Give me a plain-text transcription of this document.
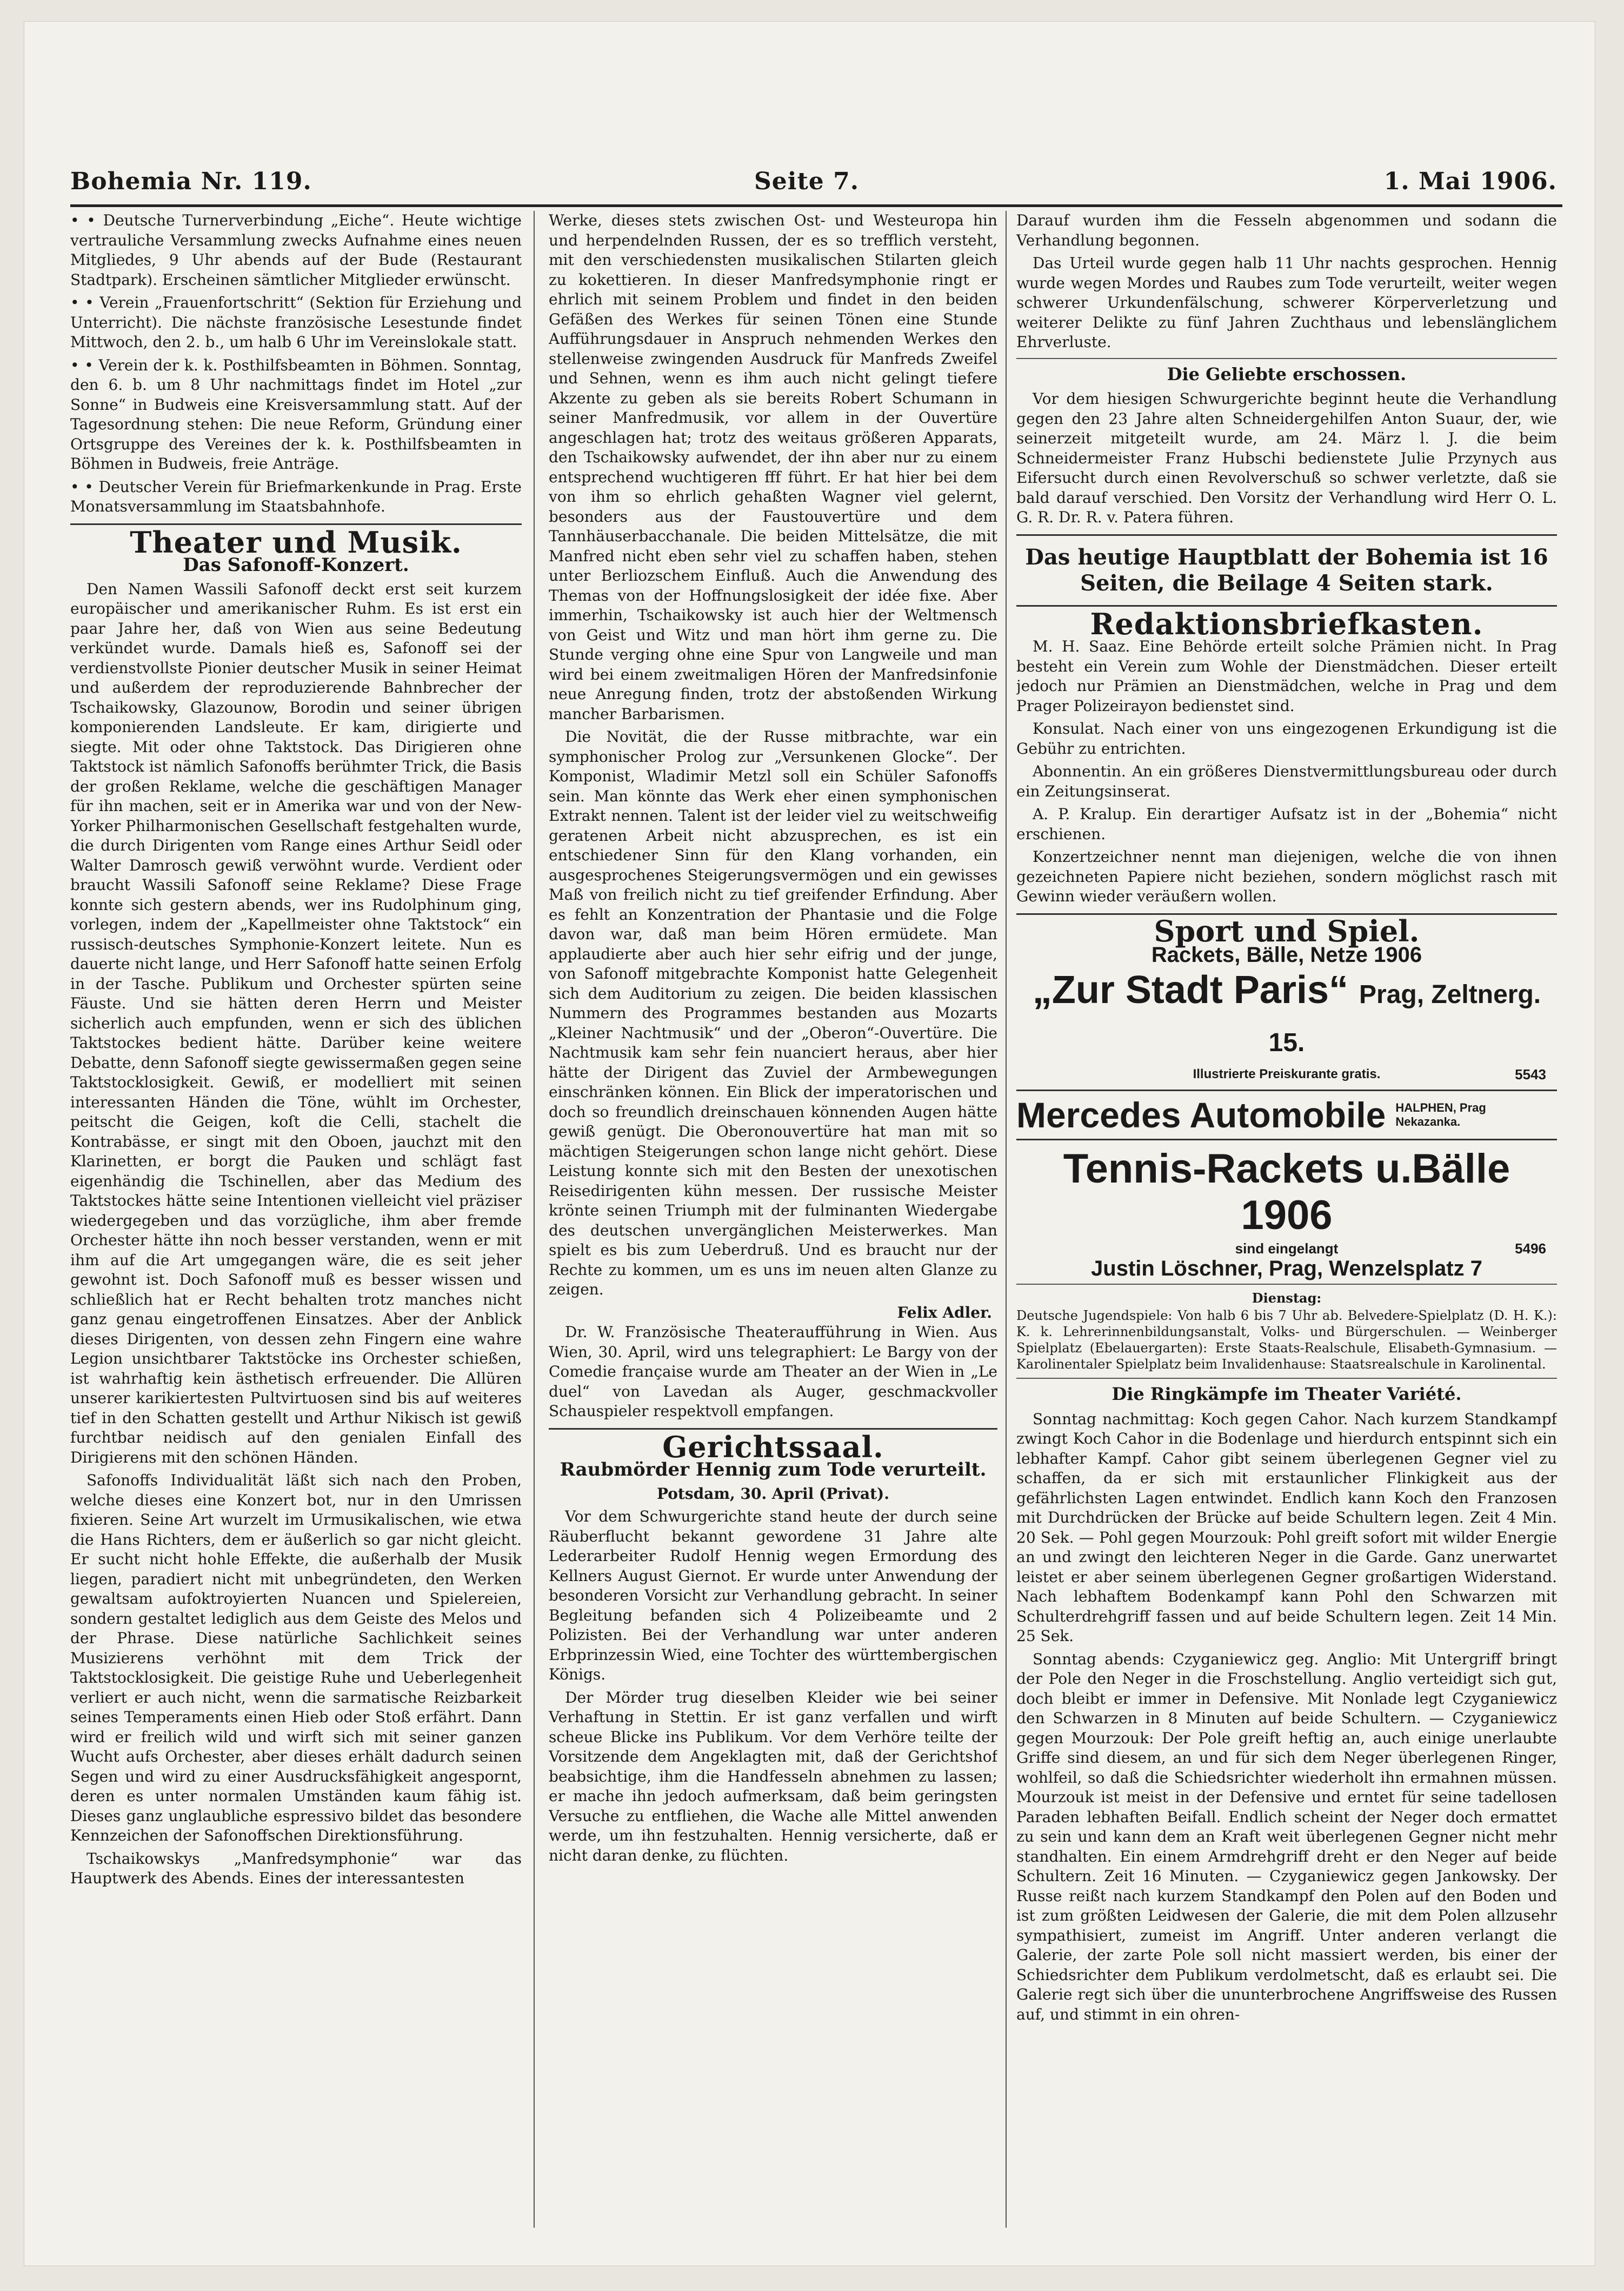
Bohemia Nr. 119.	Seite 7.	1. Mai 1906.

• • Deutsche Turnerverbindung „Eiche“. Heute wichtige vertrauliche Versammlung zwecks Aufnahme eines neuen Mitgliedes, 9 Uhr abends auf der Bude (Restaurant Stadtpark). Erscheinen sämtlicher Mitglieder erwünscht.

• • Verein „Frauenfortschritt“ (Sektion für Erziehung und Unterricht). Die nächste französische Lesestunde findet Mittwoch, den 2. b., um halb 6 Uhr im Vereinslokale statt.

• • Verein der k. k. Posthilfsbeamten in Böhmen. Sonntag, den 6. b. um 8 Uhr nachmittags findet im Hotel „zur Sonne“ in Budweis eine Kreisversammlung statt. Auf der Tagesordnung stehen: Die neue Reform, Gründung einer Ortsgruppe des Vereines der k. k. Posthilfsbeamten in Böhmen in Budweis, freie Anträge.

• • Deutscher Verein für Briefmarkenkunde in Prag. Erste Monatsversammlung im Staatsbahnhofe.

Theater und Musik.
Das Safonoff-Konzert.

Den Namen Wassili Safonoff deckt erst seit kurzem europäischer und amerikanischer Ruhm. Es ist erst ein paar Jahre her, daß von Wien aus seine Bedeutung verkündet wurde. Damals hieß es, Safonoff sei der verdienstvollste Pionier deutscher Musik in seiner Heimat und außerdem der reproduzierende Bahnbrecher der Tschaikowsky, Glazounow, Borodin und seiner übrigen komponierenden Landsleute. Er kam, dirigierte und siegte. Mit oder ohne Taktstock. Das Dirigieren ohne Taktstock ist nämlich Safonoffs berühmter Trick, die Basis der großen Reklame, welche die geschäftigen Manager für ihn machen, seit er in Amerika war und von der New-Yorker Philharmonischen Gesellschaft festgehalten wurde, die durch Dirigenten vom Range eines Arthur Seidl oder Walter Damrosch gewiß verwöhnt wurde. Verdient oder braucht Wassili Safonoff seine Reklame? Diese Frage konnte sich gestern abends, wer ins Rudolphinum ging, vorlegen, indem der „Kapellmeister ohne Taktstock“ ein russisch-deutsches Symphonie-Konzert leitete. Nun es dauerte nicht lange, und Herr Safonoff hatte seinen Erfolg in der Tasche. Publikum und Orchester spürten seine Fäuste. Und sie hätten deren Herrn und Meister sicherlich auch empfunden, wenn er sich des üblichen Taktstockes bedient hätte. Darüber keine weitere Debatte, denn Safonoff siegte gewissermaßen gegen seine Taktstocklosigkeit. Gewiß, er modelliert mit seinen interessanten Händen die Töne, wühlt im Orchester, peitscht die Geigen, koſt die Celli, stachelt die Kontrabässe, er singt mit den Oboen, jauchzt mit den Klarinetten, er borgt die Pauken und schlägt fast eigenhändig die Tschinellen, aber das Medium des Taktstockes hätte seine Intentionen vielleicht viel präziser wiedergegeben und das vorzügliche, ihm aber fremde Orchester hätte ihn noch besser verstanden, wenn er mit ihm auf die Art umgegangen wäre, die es seit jeher gewohnt ist. Doch Safonoff muß es besser wissen und schließlich hat er Recht behalten trotz manches nicht ganz genau eingetroffenen Einsatzes. Aber der Anblick dieses Dirigenten, von dessen zehn Fingern eine wahre Legion unsichtbarer Taktstöcke ins Orchester schießen, ist wahrhaftig kein ästhetisch erfreuender. Die Allüren unserer karikiertesten Pultvirtuosen sind bis auf weiteres tief in den Schatten gestellt und Arthur Nikisch ist gewiß furchtbar neidisch auf den genialen Einfall des Dirigierens mit den schönen Händen.

Safonoffs Individualität läßt sich nach den Proben, welche dieses eine Konzert bot, nur in den Umrissen fixieren. Seine Art wurzelt im Urmusikalischen, wie etwa die Hans Richters, dem er äußerlich so gar nicht gleicht. Er sucht nicht hohle Effekte, die außerhalb der Musik liegen, paradiert nicht mit unbegründeten, den Werken gewaltsam aufoktroyierten Nuancen und Spielereien, sondern gestaltet lediglich aus dem Geiste des Melos und der Phrase. Diese natürliche Sachlichkeit seines Musizierens verhöhnt mit dem Trick der Taktstocklosigkeit. Die geistige Ruhe und Ueberlegenheit verliert er auch nicht, wenn die sarmatische Reizbarkeit seines Temperaments einen Hieb oder Stoß erfährt. Dann wird er freilich wild und wirft sich mit seiner ganzen Wucht aufs Orchester, aber dieses erhält dadurch seinen Segen und wird zu einer Ausdrucksfähigkeit angespornt, deren es unter normalen Umständen kaum fähig ist. Dieses ganz unglaubliche espressivo bildet das besondere Kennzeichen der Safonoffschen Direktionsführung.

Tschaikowskys „Manfredsymphonie“ war das Hauptwerk des Abends. Eines der interessantesten

Werke, dieses stets zwischen Ost- und Westeuropa hin und herpendelnden Russen, der es so trefflich versteht, mit den verschiedensten musikalischen Stilarten gleich zu kokettieren. In dieser Manfredsymphonie ringt er ehrlich mit seinem Problem und findet in den beiden Gefäßen des Werkes für seinen Tönen eine Stunde Aufführungsdauer in Anspruch nehmenden Werkes den stellenweise zwingenden Ausdruck für Manfreds Zweifel und Sehnen, wenn es ihm auch nicht gelingt tiefere Akzente zu geben als sie bereits Robert Schumann in seiner Manfredmusik, vor allem in der Ouvertüre angeschlagen hat; trotz des weitaus größeren Apparats, den Tschaikowsky aufwendet, der ihn aber nur zu einem entsprechend wuchtigeren fff führt. Er hat hier bei dem von ihm so ehrlich gehaßten Wagner viel gelernt, besonders aus der Faustouvertüre und dem Tannhäuserbacchanale. Die beiden Mittelsätze, die mit Manfred nicht eben sehr viel zu schaffen haben, stehen unter Berliozschem Einfluß. Auch die Anwendung des Themas von der Hoffnungslosigkeit der idée fixe. Aber immerhin, Tschaikowsky ist auch hier der Weltmensch von Geist und Witz und man hört ihm gerne zu. Die Stunde verging ohne eine Spur von Langweile und man wird bei einem zweitmaligen Hören der Manfredsinfonie neue Anregung finden, trotz der abstoßenden Wirkung mancher Barbarismen.

Die Novität, die der Russe mitbrachte, war ein symphonischer Prolog zur „Versunkenen Glocke“. Der Komponist, Wladimir Metzl soll ein Schüler Safonoffs sein. Man könnte das Werk eher einen symphonischen Extrakt nennen. Talent ist der leider viel zu weitschweifig geratenen Arbeit nicht abzusprechen, es ist ein entschiedener Sinn für den Klang vorhanden, ein ausgesprochenes Steigerungsvermögen und ein gewisses Maß von freilich nicht zu tief greifender Erfindung. Aber es fehlt an Konzentration der Phantasie und die Folge davon war, daß man beim Hören ermüdete. Man applaudierte aber auch hier sehr eifrig und der junge, von Safonoff mitgebrachte Komponist hatte Gelegenheit sich dem Auditorium zu zeigen. Die beiden klassischen Nummern des Programmes bestanden aus Mozarts „Kleiner Nachtmusik“ und der „Oberon“-Ouvertüre. Die Nachtmusik kam sehr fein nuanciert heraus, aber hier hätte der Dirigent das Zuviel der Armbewegungen einschränken können. Ein Blick der imperatorischen und doch so freundlich dreinschauen könnenden Augen hätte gewiß genügt. Die Oberonouvertüre hat man mit so mächtigen Steigerungen schon lange nicht gehört. Diese Leistung konnte sich mit den Besten der unexotischen Reisedirigenten kühn messen. Der russische Meister krönte seinen Triumph mit der fulminanten Wiedergabe des deutschen unvergänglichen Meisterwerkes. Man spielt es bis zum Ueberdruß. Und es braucht nur der Rechte zu kommen, um es uns im neuen alten Glanze zu zeigen.

Felix Adler.

Dr. W. Französische Theateraufführung in Wien. Aus Wien, 30. April, wird uns telegraphiert: Le Bargy von der Comedie française wurde am Theater an der Wien in „Le duel“ von Lavedan als Auger, geschmackvoller Schauspieler respektvoll empfangen.

Gerichtssaal.
Raubmörder Hennig zum Tode verurteilt.

Potsdam, 30. April (Privat).

Vor dem Schwurgerichte stand heute der durch seine Räuberflucht bekannt gewordene 31 Jahre alte Lederarbeiter Rudolf Hennig wegen Ermordung des Kellners August Giernot. Er wurde unter Anwendung der besonderen Vorsicht zur Verhandlung gebracht. In seiner Begleitung befanden sich 4 Polizeibeamte und 2 Polizisten. Bei der Verhandlung war unter anderen Erbprinzessin Wied, eine Tochter des württembergischen Königs.

Der Mörder trug dieselben Kleider wie bei seiner Verhaftung in Stettin. Er ist ganz verfallen und wirft scheue Blicke ins Publikum. Vor dem Verhöre teilte der Vorsitzende dem Angeklagten mit, daß der Gerichtshof beabsichtige, ihm die Handfesseln abnehmen zu lassen; er mache ihn jedoch aufmerksam, daß beim geringsten Versuche zu entfliehen, die Wache alle Mittel anwenden werde, um ihn festzuhalten. Hennig versicherte, daß er nicht daran denke, zu flüchten.

Darauf wurden ihm die Fesseln abgenommen und sodann die Verhandlung begonnen.

Das Urteil wurde gegen halb 11 Uhr nachts gesprochen. Hennig wurde wegen Mordes und Raubes zum Tode verurteilt, weiter wegen schwerer Urkundenfälschung, schwerer Körperverletzung und weiterer Delikte zu fünf Jahren Zuchthaus und lebenslänglichem Ehrverluste.

Die Geliebte erschossen.

Vor dem hiesigen Schwurgerichte beginnt heute die Verhandlung gegen den 23 Jahre alten Schneidergehilfen Anton Suaur, der, wie seinerzeit mitgeteilt wurde, am 24. März l. J. die beim Schneidermeister Franz Hubschi bedienstete Julie Przynych aus Eifersucht durch einen Revolverschuß so schwer verletzte, daß sie bald darauf verschied. Den Vorsitz der Verhandlung wird Herr O. L. G. R. Dr. R. v. Patera führen.

Das heutige Hauptblatt der Bohemia ist 16 Seiten, die Beilage 4 Seiten stark.
Redaktionsbriefkasten.

M. H. Saaz. Eine Behörde erteilt solche Prämien nicht. In Prag besteht ein Verein zum Wohle der Dienstmädchen. Dieser erteilt jedoch nur Prämien an Dienstmädchen, welche in Prag und dem Prager Polizeirayon bedienstet sind.

Konsulat. Nach einer von uns eingezogenen Erkundigung ist die Gebühr zu entrichten.

Abonnentin. An ein größeres Dienstvermittlungsbureau oder durch ein Zeitungsinserat.

A. P. Kralup. Ein derartiger Aufsatz ist in der „Bohemia“ nicht erschienen.

Konzertzeichner nennt man diejenigen, welche die von ihnen gezeichneten Papiere nicht beziehen, sondern möglichst rasch mit Gewinn wieder veräußern wollen.

Sport und Spiel.
Rackets, Bälle, Netze 1906
„Zur Stadt Paris“ Prag, Zeltnerg. 15.
Illustrierte Preiskurante gratis.	5543
Mercedes Automobile HALPHEN, Prag
Nekazanka.
Tennis-Rackets u.Bälle 1906
sind eingelangt	5496
Justin Löschner, Prag, Wenzelsplatz 7

Dienstag:

Deutsche Jugendspiele: Von halb 6 bis 7 Uhr ab. Belvedere-Spielplatz (D. H. K.): K. k. Lehrerinnenbildungsanstalt, Volks- und Bürgerschulen. — Weinberger Spielplatz (Ebelauergarten): Erste Staats-Realschule, Elisabeth-Gymnasium. — Karolinentaler Spielplatz beim Invalidenhause: Staatsrealschule in Karolinental.

Die Ringkämpfe im Theater Variété.

Sonntag nachmittag: Koch gegen Cahor. Nach kurzem Standkampf zwingt Koch Cahor in die Bodenlage und hierdurch entspinnt sich ein lebhafter Kampf. Cahor gibt seinem überlegenen Gegner viel zu schaffen, da er sich mit erstaunlicher Flinkigkeit aus der gefährlichsten Lagen entwindet. Endlich kann Koch den Franzosen mit Durchdrücken der Brücke auf beide Schultern legen. Zeit 4 Min. 20 Sek. — Pohl gegen Mourzouk: Pohl greift sofort mit wilder Energie an und zwingt den leichteren Neger in die Garde. Ganz unerwartet leistet er aber seinem überlegenen Gegner großartigen Widerstand. Nach lebhaftem Bodenkampf kann Pohl den Schwarzen mit Schulterdrehgriff fassen und auf beide Schultern legen. Zeit 14 Min. 25 Sek.

Sonntag abends: Czyganiewicz geg. Anglio: Mit Untergriff bringt der Pole den Neger in die Froschstellung. Anglio verteidigt sich gut, doch bleibt er immer in Defensive. Mit Nonlade legt Czyganiewicz den Schwarzen in 8 Minuten auf beide Schultern. — Czyganiewicz gegen Mourzouk: Der Pole greift heftig an, auch einige unerlaubte Griffe sind diesem, an und für sich dem Neger überlegenen Ringer, wohlfeil, so daß die Schiedsrichter wiederholt ihn ermahnen müssen. Mourzouk ist meist in der Defensive und erntet für seine tadellosen Paraden lebhaften Beifall. Endlich scheint der Neger doch ermattet zu sein und kann dem an Kraft weit überlegenen Gegner nicht mehr standhalten. Ein einem Armdrehgriff dreht er den Neger auf beide Schultern. Zeit 16 Minuten. — Czyganiewicz gegen Jankowsky. Der Russe reißt nach kurzem Standkampf den Polen auf den Boden und ist zum größten Leidwesen der Galerie, die mit dem Polen allzusehr sympathisiert, zumeist im Angriff. Unter anderen verlangt die Galerie, der zarte Pole soll nicht massiert werden, bis einer der Schiedsrichter dem Publikum verdolmetscht, daß es erlaubt sei. Die Galerie regt sich über die ununterbrochene Angriffsweise des Russen auf, und stimmt in ein ohren-
